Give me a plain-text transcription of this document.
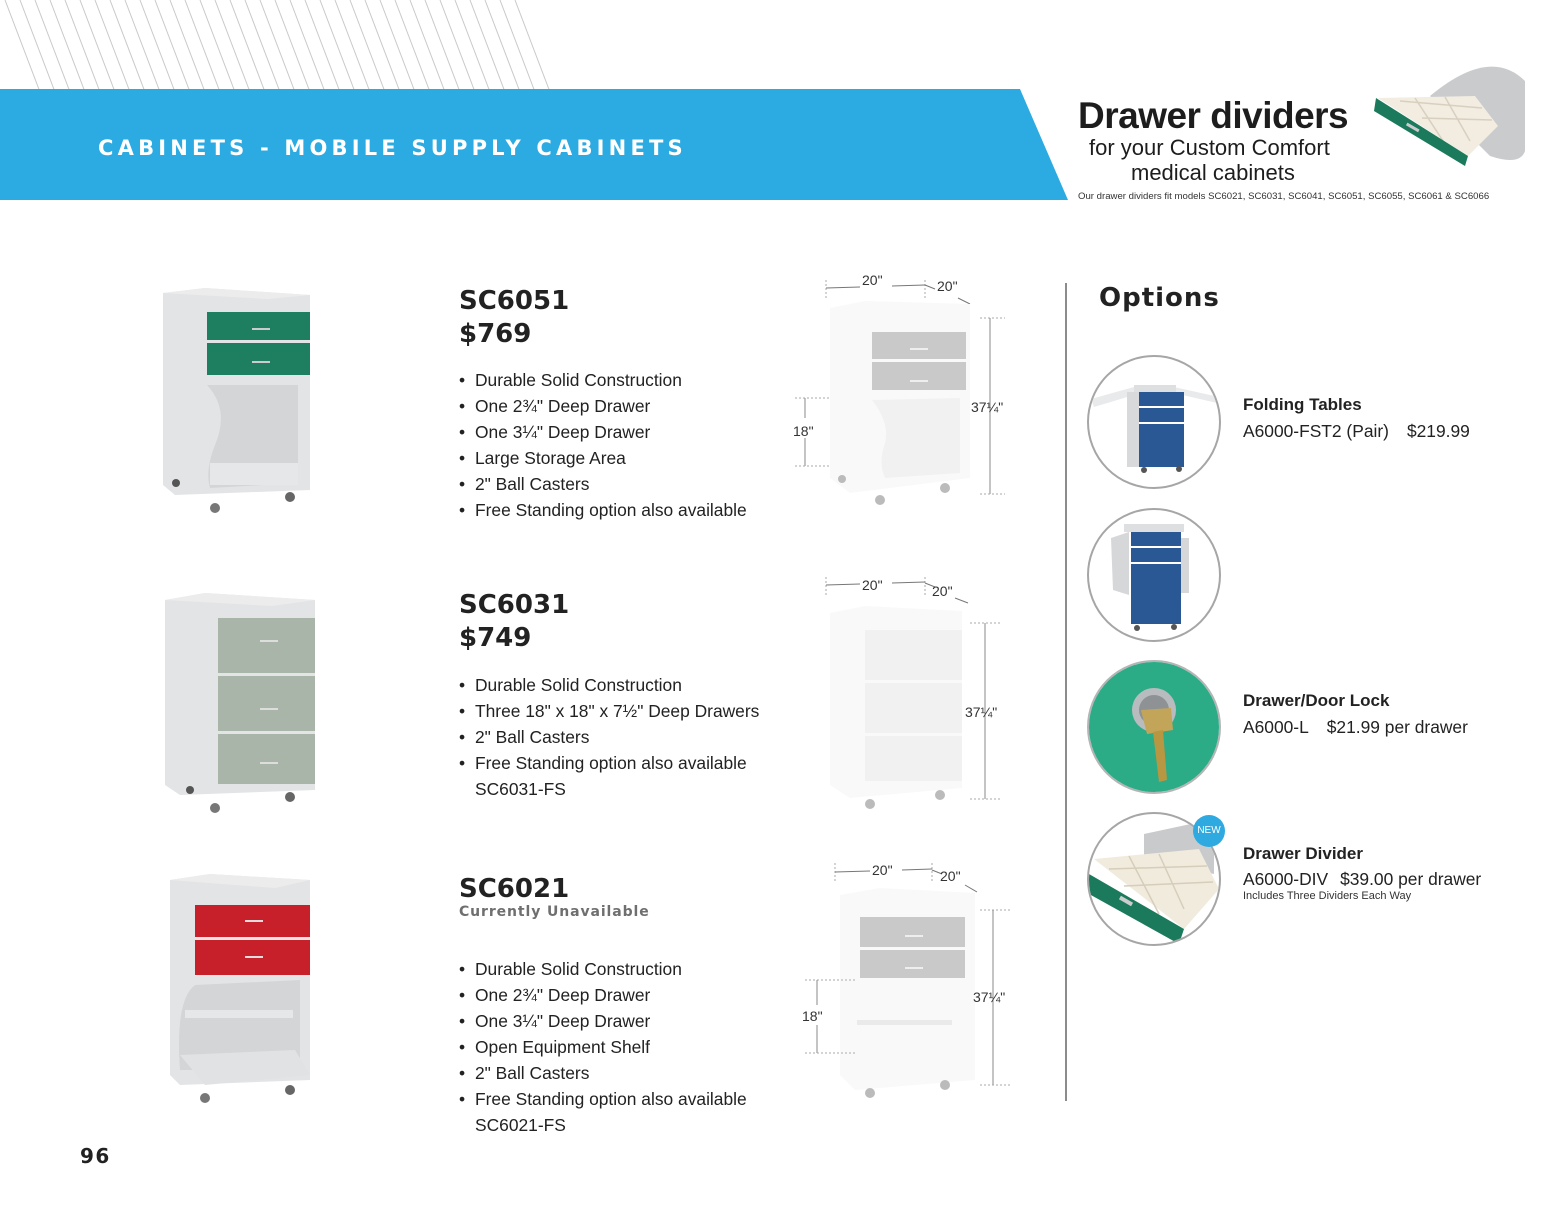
CABINETS - MOBILE SUPPLY CABINETS
Drawer dividers
for your Custom Comfort
medical cabinets
Our drawer dividers fit models SC6021, SC6031, SC6041, SC6051, SC6055, SC6061 & SC6066
SC6051
$769
• Durable Solid Construction
• One 2¾" Deep Drawer
• One 3¼" Deep Drawer
• Large Storage Area
• 2" Ball Casters
• Free Standing option also available
20"	20"
37¼"
18"
SC6031
$749
• Durable Solid Construction
• Three 18" x 18" x 7½" Deep Drawers
• 2" Ball Casters
• Free Standing option also available
SC6031-FS
20"	20"
37¼"
SC6021
Currently Unavailable
• Durable Solid Construction
• One 2¾" Deep Drawer
• One 3¼" Deep Drawer
• Open Equipment Shelf
• 2" Ball Casters
• Free Standing option also available
SC6021-FS
20"	20"
37¼"
18"
Options
Folding Tables
A6000-FST2 (Pair) $219.99
Drawer/Door Lock
A6000-L $21.99 per drawer
NEW
Drawer Divider
A6000-DIV $39.00 per drawer
Includes Three Dividers Each Way
96
